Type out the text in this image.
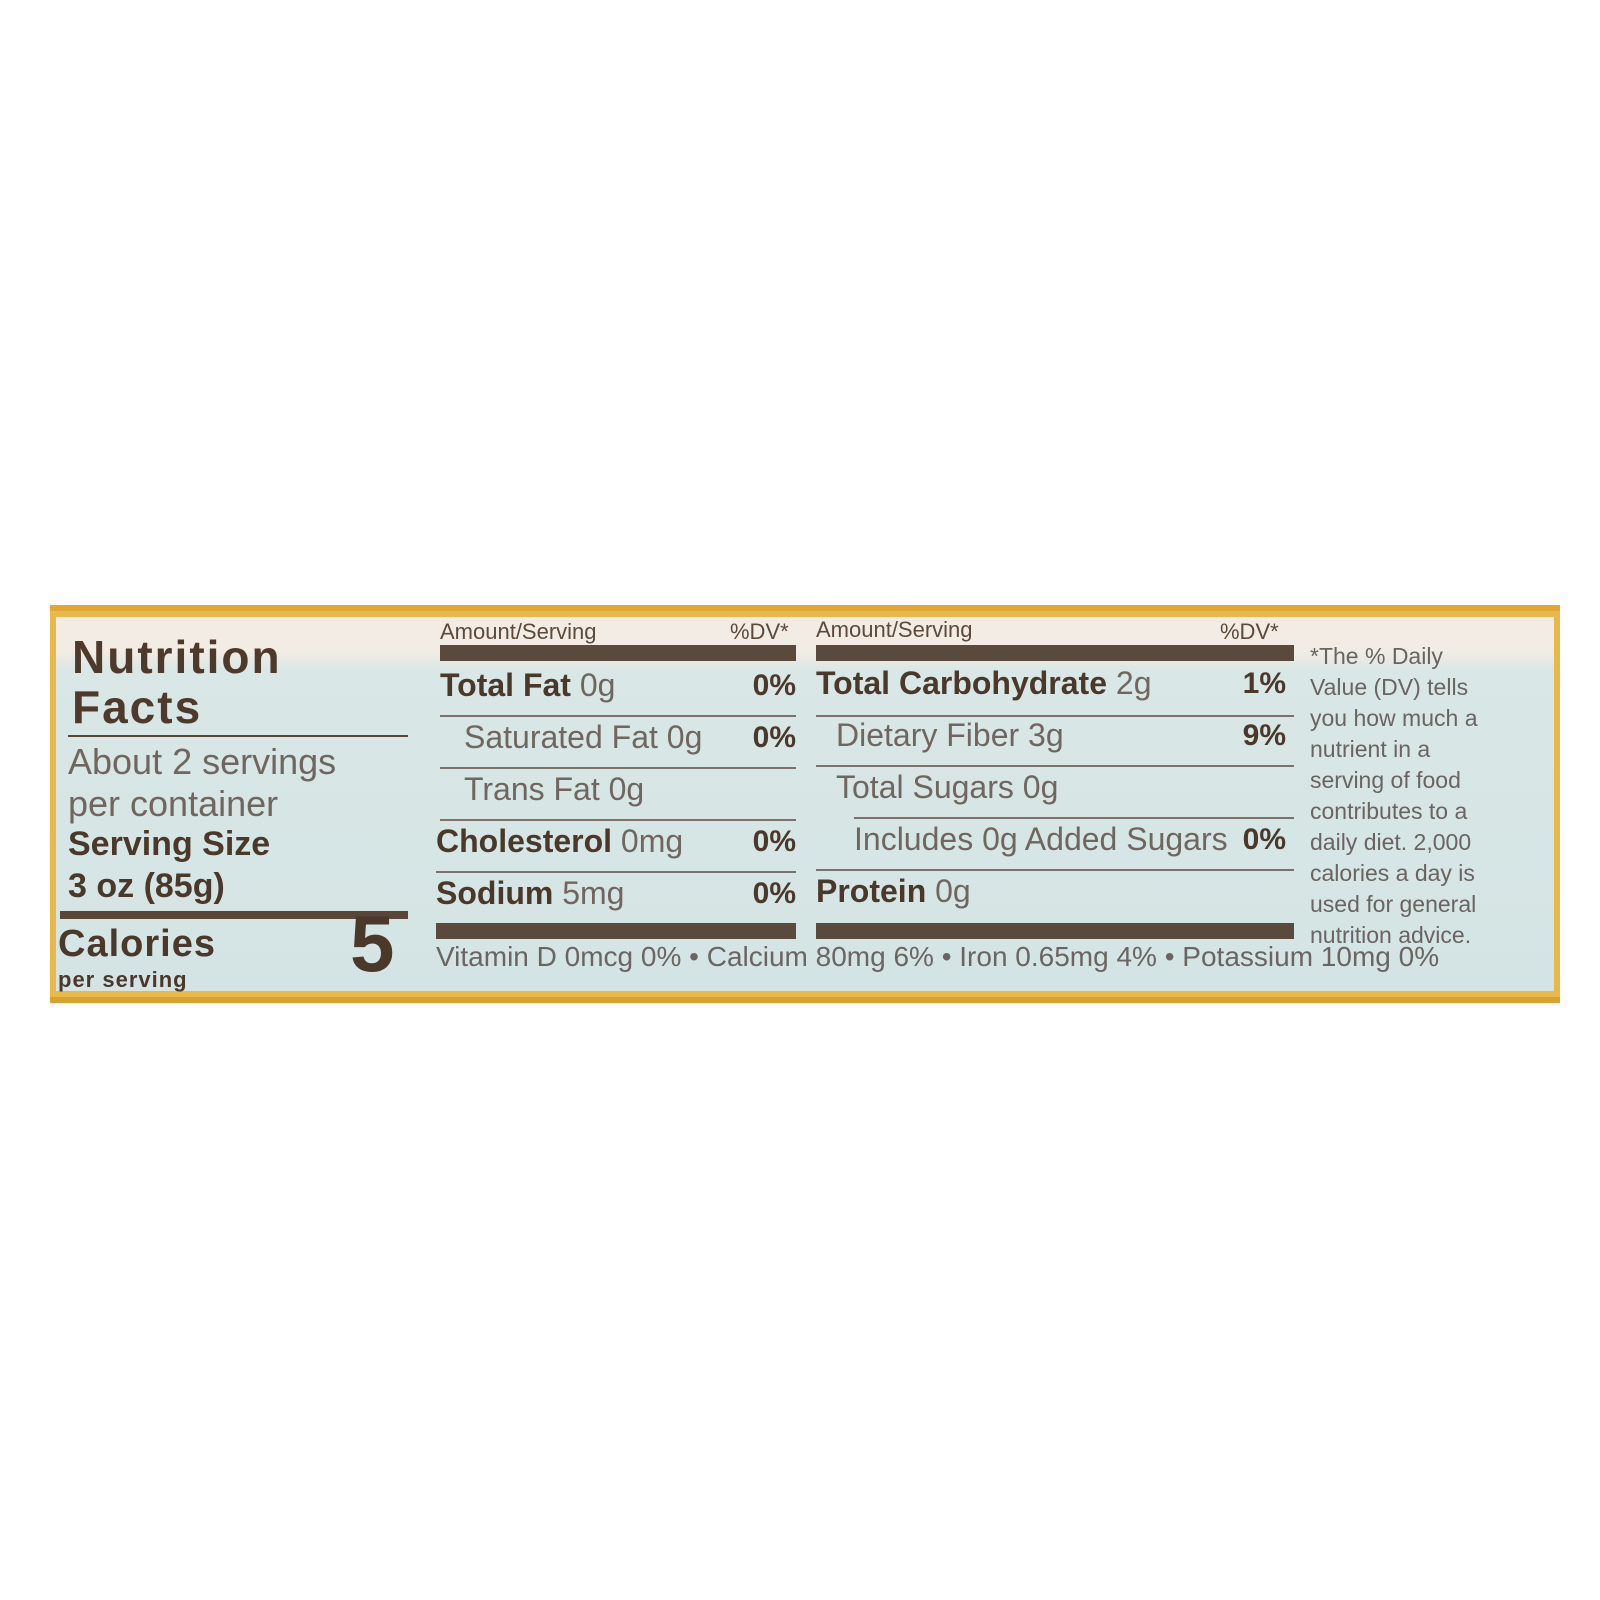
Nutrition
Facts
About 2 servings
per container
Serving Size
3 oz (85g)
Calories
per serving 5
Amount/Serving	%DV*
Total Fat 0g	0%
Saturated Fat 0g	0%
Trans Fat 0g
Cholesterol 0mg	0%
Sodium 5mg	0%
Amount/Serving	%DV*
Total Carbohydrate 2g	1%
Dietary Fiber 3g	9%
Total Sugars 0g
Includes 0g Added Sugars 0%
Protein 0g
Vitamin D 0mcg 0% • Calcium 80mg 6% • Iron 0.65mg 4% • Potassium 10mg 0%
*The % Daily Value (DV) tells you how much a nutrient in a serving of food contributes to a daily diet. 2,000 calories a day is used for general nutrition advice.
